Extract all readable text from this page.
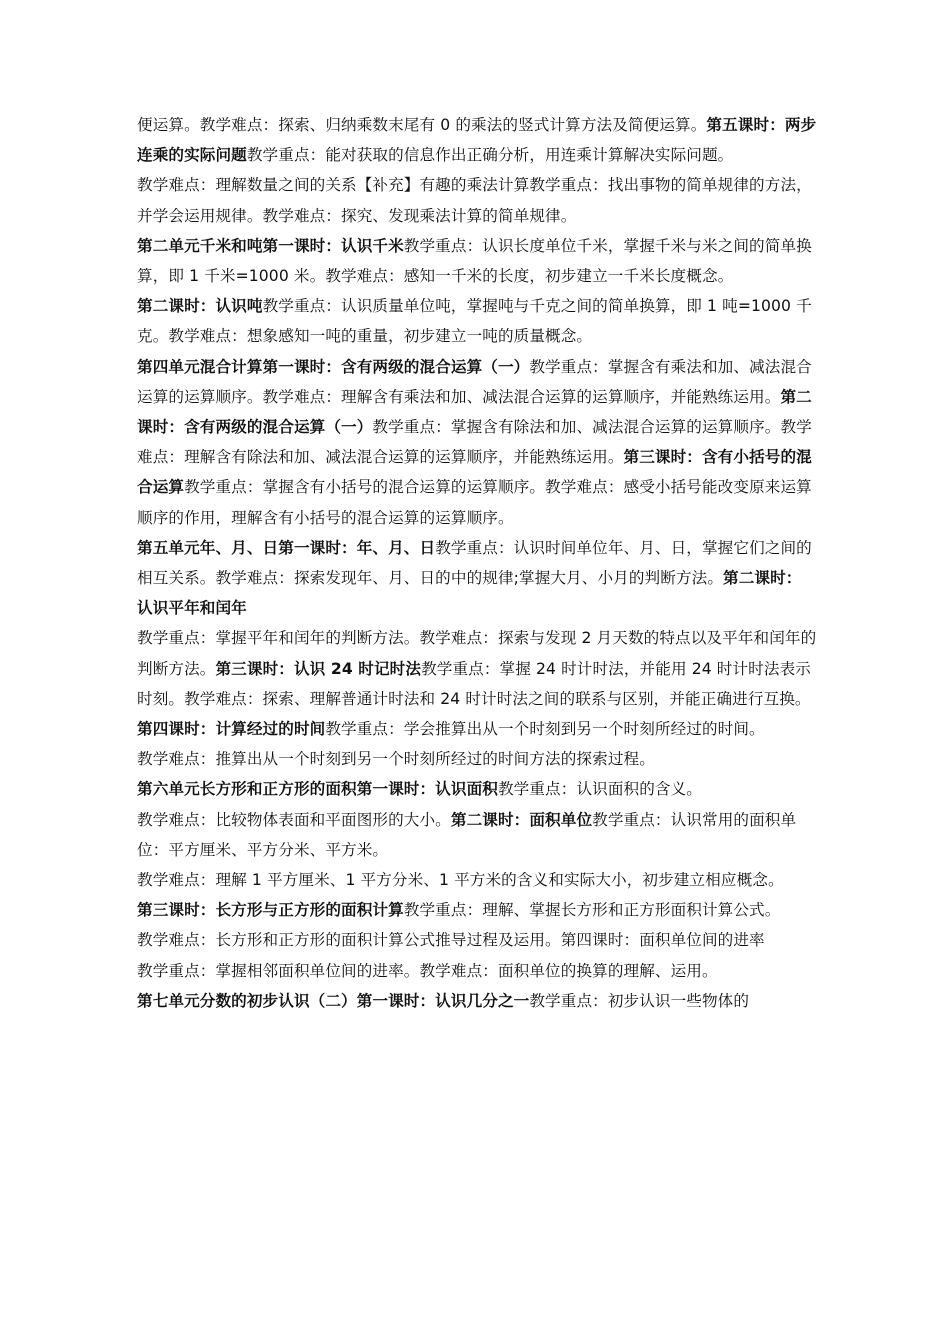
便运算。教学难点：探索、归纳乘数末尾有 0 的乘法的竖式计算方法及简便运算。第五课时：两步连乘的实际问题教学重点：能对获取的信息作出正确分析，用连乘计算解决实际问题。

教学难点：理解数量之间的关系【补充】有趣的乘法计算教学重点：找出事物的简单规律的方法，并学会运用规律。教学难点：探究、发现乘法计算的简单规律。

第二单元千米和吨第一课时：认识千米教学重点：认识长度单位千米，掌握千米与米之间的简单换算，即 1 千米=1000 米。教学难点：感知一千米的长度，初步建立一千米长度概念。

第二课时：认识吨教学重点：认识质量单位吨，掌握吨与千克之间的简单换算，即 1 吨=1000 千克。教学难点：想象感知一吨的重量，初步建立一吨的质量概念。

第四单元混合计算第一课时：含有两级的混合运算（一）教学重点：掌握含有乘法和加、减法混合运算的运算顺序。教学难点：理解含有乘法和加、减法混合运算的运算顺序，并能熟练运用。第二课时：含有两级的混合运算（一）教学重点：掌握含有除法和加、减法混合运算的运算顺序。教学难点：理解含有除法和加、减法混合运算的运算顺序，并能熟练运用。第三课时：含有小括号的混合运算教学重点：掌握含有小括号的混合运算的运算顺序。教学难点：感受小括号能改变原来运算顺序的作用，理解含有小括号的混合运算的运算顺序。

第五单元年、月、日第一课时：年、月、日教学重点：认识时间单位年、月、日，掌握它们之间的相互关系。教学难点：探索发现年、月、日的中的规律;掌握大月、小月的判断方法。第二课时：认识平年和闰年

教学重点：掌握平年和闰年的判断方法。教学难点：探索与发现 2 月天数的特点以及平年和闰年的判断方法。第三课时：认识 24 时记时法教学重点：掌握 24 时计时法，并能用 24 时计时法表示时刻。教学难点：探索、理解普通计时法和 24 时计时法之间的联系与区别，并能正确进行互换。

第四课时：计算经过的时间教学重点：学会推算出从一个时刻到另一个时刻所经过的时间。

教学难点：推算出从一个时刻到另一个时刻所经过的时间方法的探索过程。

第六单元长方形和正方形的面积第一课时：认识面积教学重点：认识面积的含义。

教学难点：比较物体表面和平面图形的大小。第二课时：面积单位教学重点：认识常用的面积单位：平方厘米、平方分米、平方米。

教学难点：理解 1 平方厘米、1 平方分米、1 平方米的含义和实际大小，初步建立相应概念。

第三课时：长方形与正方形的面积计算教学重点：理解、掌握长方形和正方形面积计算公式。

教学难点：长方形和正方形的面积计算公式推导过程及运用。第四课时：面积单位间的进率

教学重点：掌握相邻面积单位间的进率。教学难点：面积单位的换算的理解、运用。

第七单元分数的初步认识（二）第一课时：认识几分之一教学重点：初步认识一些物体的
